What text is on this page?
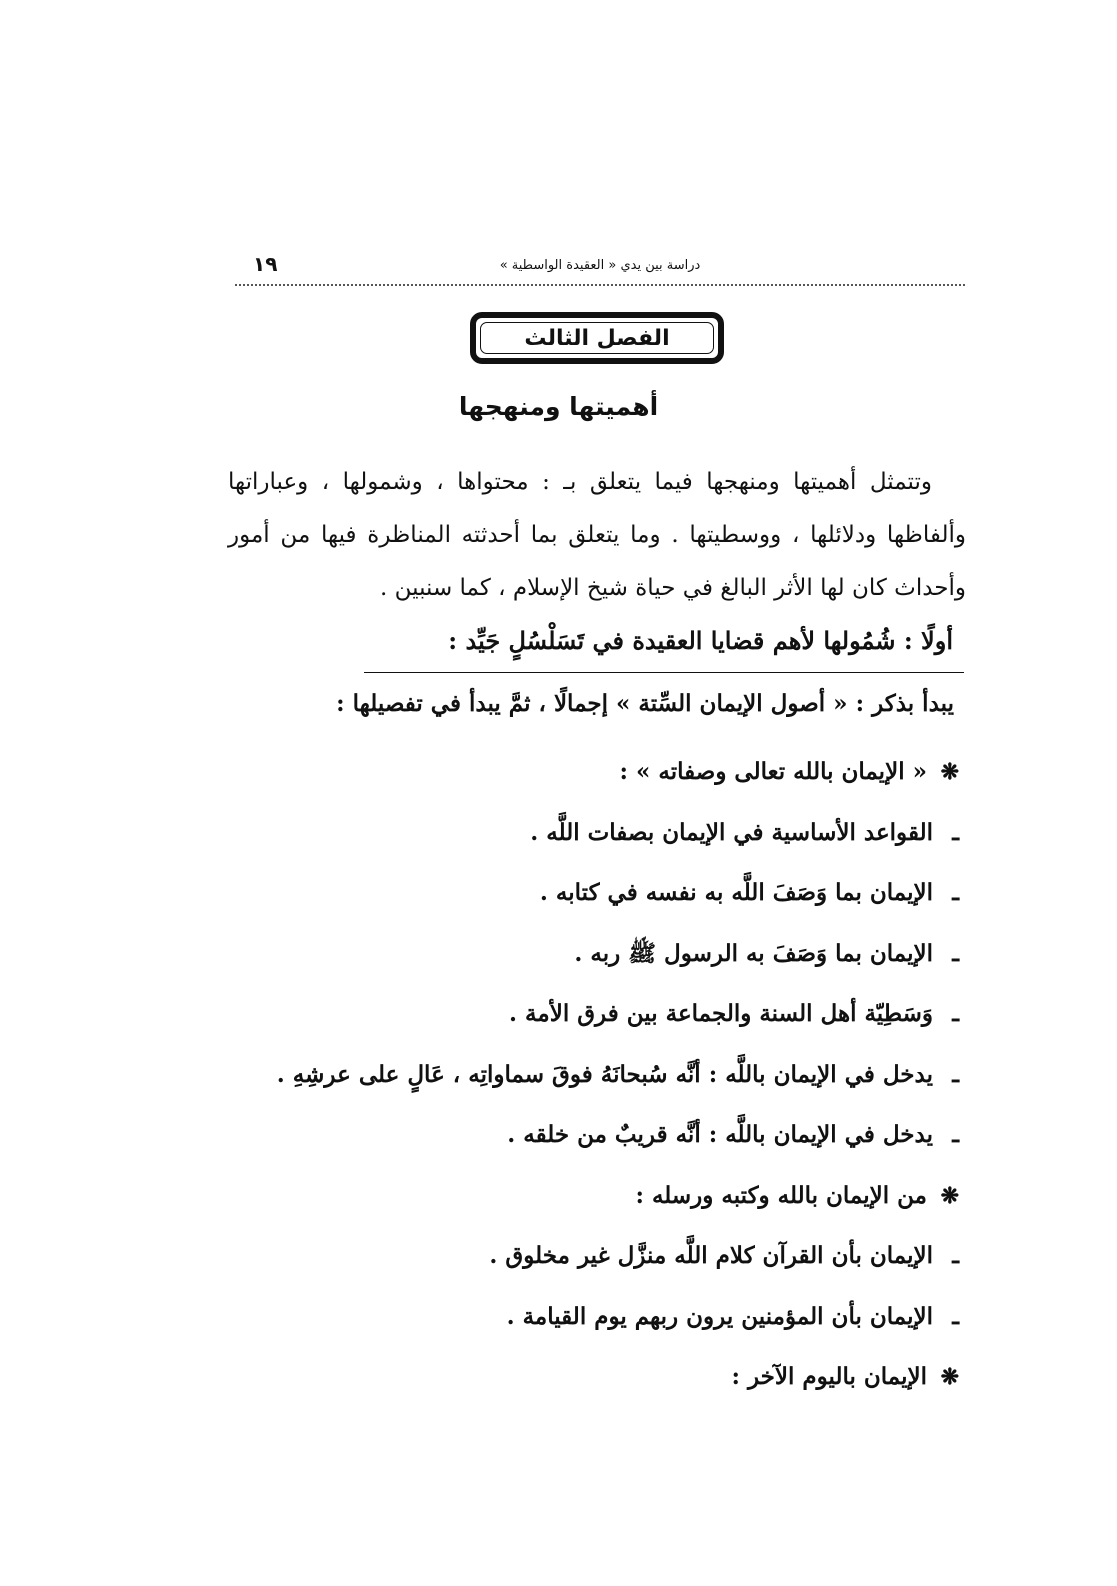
١٩	دراسة بين يدي « العقيدة الواسطية »
الفصل الثالث
أهميتها ومنهجها

وتتمثل أهميتها ومنهجها فيما يتعلق بـ : محتواها ، وشمولها ، وعباراتها وألفاظها ودلائلها ، ووسطيتها . وما يتعلق بما أحدثته المناظرة فيها من أمور وأحداث كان لها الأثر البالغ في حياة شيخ الإسلام ، كما سنبين .

أولًا : شُمُولها لأهم قضايا العقيدة في تَسَلْسُلٍ جَيِّد :
يبدأ بذكر : « أصول الإيمان السِّتة » إجمالًا ، ثمَّ يبدأ في تفصيلها :
❋ « الإيمان بالله تعالى وصفاته » :
ـ القواعد الأساسية في الإيمان بصفات اللَّه .
ـ الإيمان بما وَصَفَ اللَّه به نفسه في كتابه .
ـ الإيمان بما وَصَفَ به الرسول ﷺ ربه .
ـ وَسَطِيّة أهل السنة والجماعة بين فرق الأمة .
ـ يدخل في الإيمان باللَّه : أنَّه سُبحانَهُ فوقَ سماواتِه ، عَالٍ على عرشِهِ .
ـ يدخل في الإيمان باللَّه : أنَّه قريبٌ من خلقه .
❋ من الإيمان بالله وكتبه ورسله :
ـ الإيمان بأن القرآن كلام اللَّه منزَّل غير مخلوق .
ـ الإيمان بأن المؤمنين يرون ربهم يوم القيامة .
❋ الإيمان باليوم الآخر :
